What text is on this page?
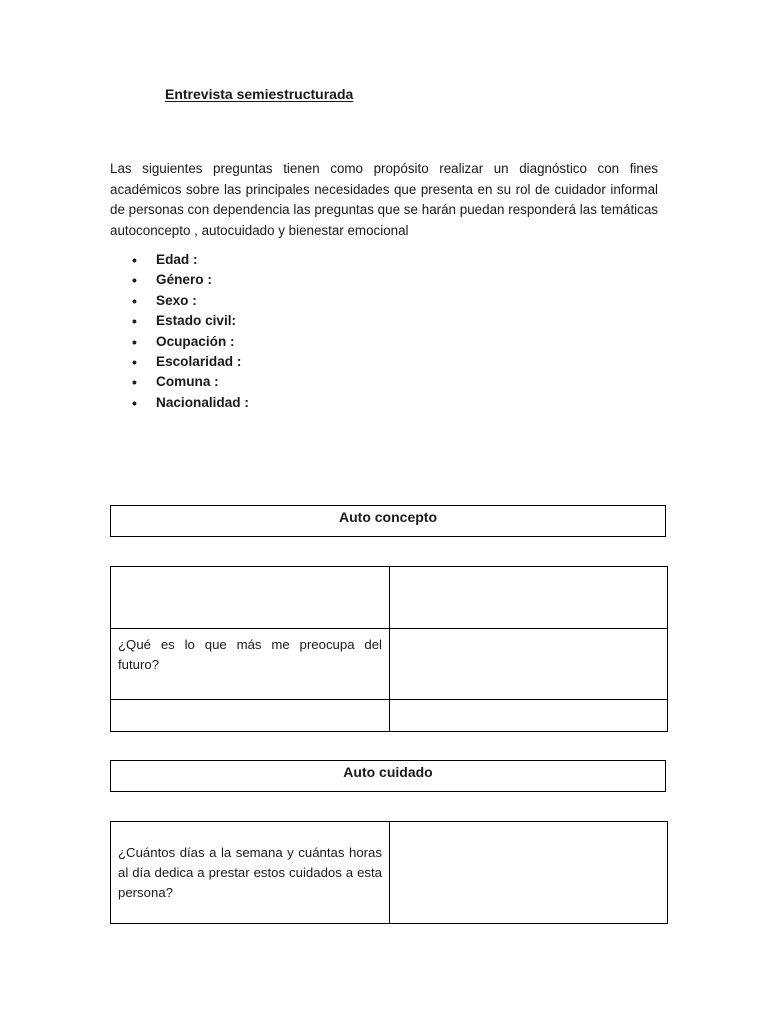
Entrevista semiestructurada

Las siguientes preguntas tienen como propósito realizar un diagnóstico con fines académicos sobre las principales necesidades que presenta en su rol de cuidador informal de personas con dependencia las preguntas que se harán puedan responderá las temáticas autoconcepto , autocuidado y bienestar emocional

• Edad :
• Género :
• Sexo :
• Estado civil:
• Ocupación :
• Escolaridad :
• Comuna :
• Nacionalidad :
Auto concepto

¿Qué es lo que más me preocupa del futuro?	

Auto cuidado
¿Cuántos días a la semana y cuántas horas al día dedica a prestar estos cuidados a esta persona?	
